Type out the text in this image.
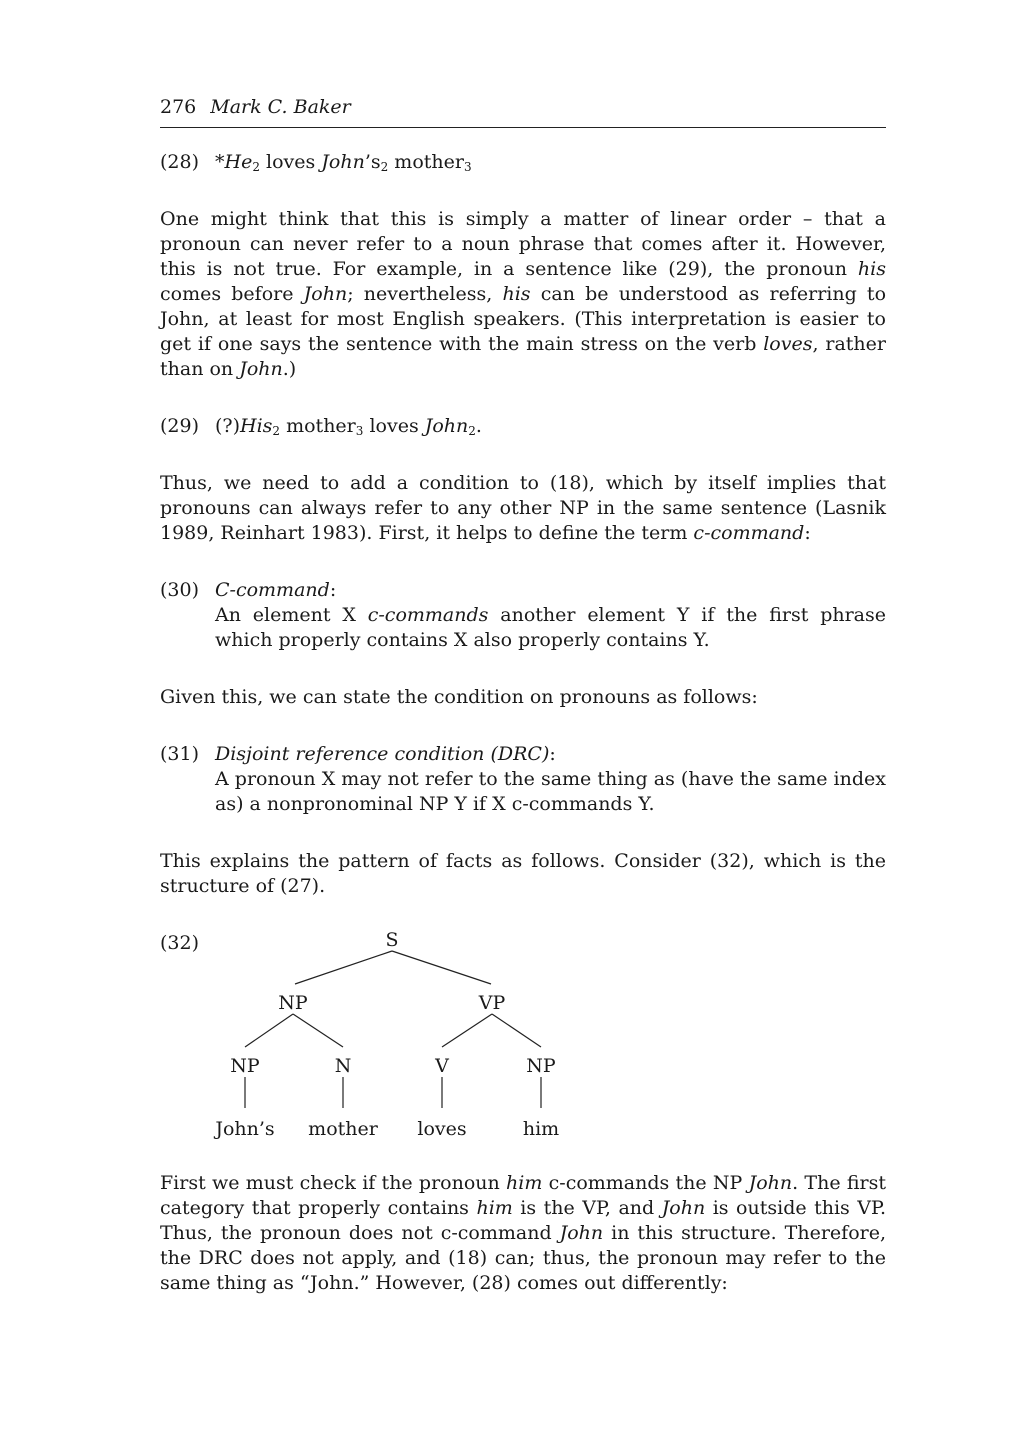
276 Mark C. Baker
(28) $*He_2$ loves $John’s_2$ mother$_3$

One might think that this is simply a matter of linear order – that a pronoun can never refer to a noun phrase that comes after it. However, this is not true. For example, in a sentence like (29), the pronoun his comes before John; nevertheless, his can be understood as referring to John, at least for most English speakers. (This interpretation is easier to get if one says the sentence with the main stress on the verb loves, rather than on John.)

(29) (?)His$_2$ mother$_3$ loves John$_2$.

Thus, we need to add a condition to (18), which by itself implies that pronouns can always refer to any other NP in the same sentence (Lasnik 1989, Reinhart 1983). First, it helps to define the term c-command:

(30) C-command:
An element X c-commands another element Y if the first phrase which properly contains X also properly contains Y.

Given this, we can state the condition on pronouns as follows:

(31) Disjoint reference condition (DRC):
A pronoun X may not refer to the same thing as (have the same index as) a nonpronominal NP Y if X c-commands Y.

This explains the pattern of facts as follows. Consider (32), which is the structure of (27).

(32)	S
NP	VP
NP	N	V	NP
John’s mother loves	him

First we must check if the pronoun him c-commands the NP John. The first category that properly contains him is the VP, and John is outside this VP. Thus, the pronoun does not c-command John in this structure. Therefore, the DRC does not apply, and (18) can; thus, the pronoun may refer to the same thing as “John.” However, (28) comes out differently:
